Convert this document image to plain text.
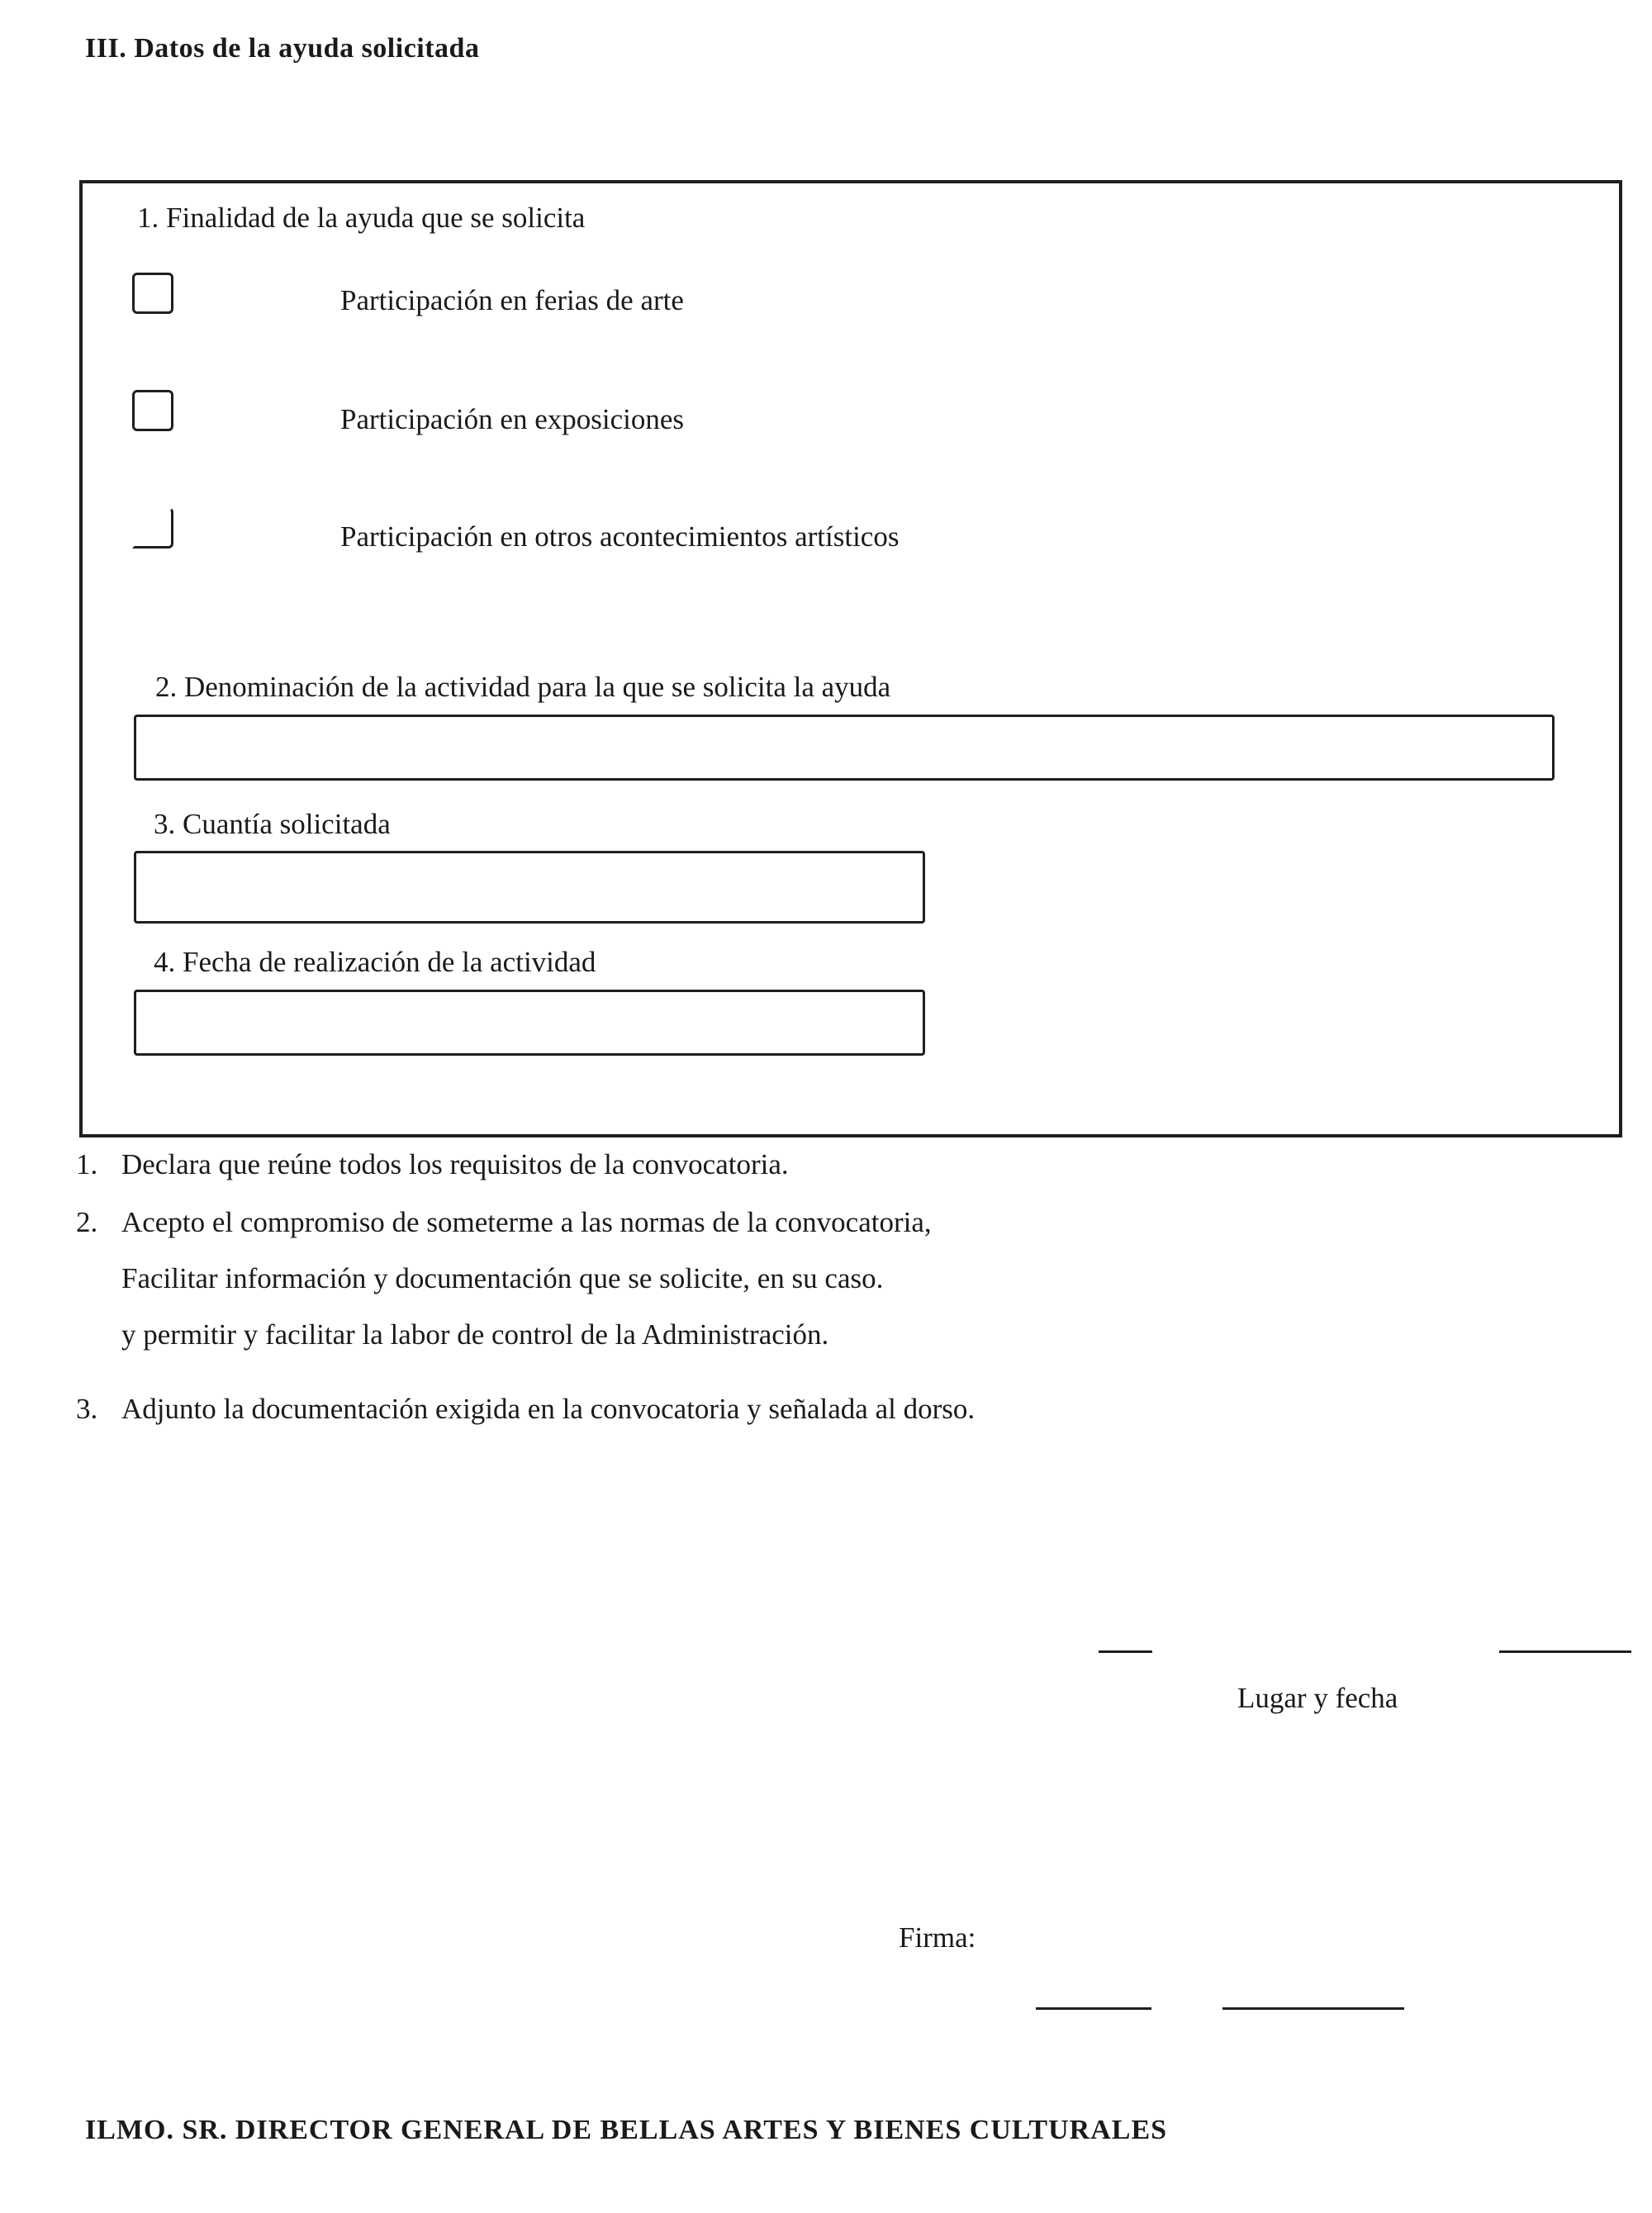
III. Datos de la ayuda solicitada
1. Finalidad de la ayuda que se solicita
Participación en ferias de arte
Participación en exposiciones
Participación en otros acontecimientos artísticos
2. Denominación de la actividad para la que se solicita la ayuda
3. Cuantía solicitada
4. Fecha de realización de la actividad
1. Declara que reúne todos los requisitos de la convocatoria.
2. Acepto el compromiso de someterme a las normas de la convocatoria,
Facilitar información y documentación que se solicite, en su caso.
y permitir y facilitar la labor de control de la Administración.
3. Adjunto la documentación exigida en la convocatoria y señalada al dorso.
Lugar y fecha
Firma:
ILMO. SR. DIRECTOR GENERAL DE BELLAS ARTES Y BIENES CULTURALES
